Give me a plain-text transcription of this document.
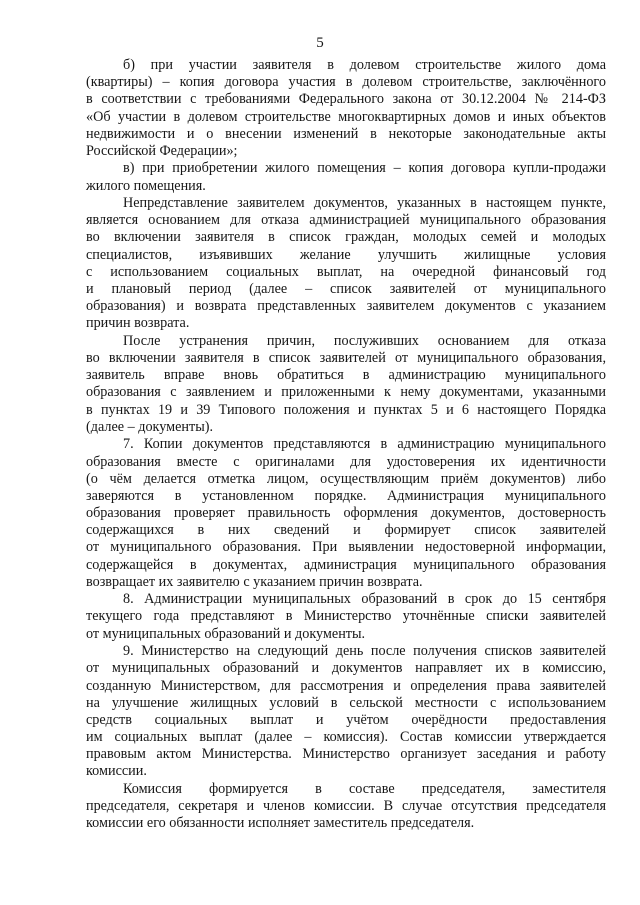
5
б) при участии заявителя в долевом строительстве жилого дома
(квартиры) – копия договора участия в долевом строительстве, заключённого
в соответствии с требованиями Федерального закона от 30.12.2004 № 214-ФЗ
«Об участии в долевом строительстве многоквартирных домов и иных объектов
недвижимости и о внесении изменений в некоторые законодательные акты
Российской Федерации»;
в) при приобретении жилого помещения – копия договора купли-продажи
жилого помещения.
Непредставление заявителем документов, указанных в настоящем пункте,
является основанием для отказа администрацией муниципального образования
во включении заявителя в список граждан, молодых семей и молодых
специалистов, изъявивших желание улучшить жилищные условия
с использованием социальных выплат, на очередной финансовый год
и плановый период (далее – список заявителей от муниципального
образования) и возврата представленных заявителем документов с указанием
причин возврата.
После устранения причин, послуживших основанием для отказа
во включении заявителя в список заявителей от муниципального образования,
заявитель вправе вновь обратиться в администрацию муниципального
образования с заявлением и приложенными к нему документами, указанными
в пунктах 19 и 39 Типового положения и пунктах 5 и 6 настоящего Порядка
(далее – документы).
7. Копии документов представляются в администрацию муниципального
образования вместе с оригиналами для удостоверения их идентичности
(о чём делается отметка лицом, осуществляющим приём документов) либо
заверяются в установленном порядке. Администрация муниципального
образования проверяет правильность оформления документов, достоверность
содержащихся в них сведений и формирует список заявителей
от муниципального образования. При выявлении недостоверной информации,
содержащейся в документах, администрация муниципального образования
возвращает их заявителю с указанием причин возврата.
8. Администрации муниципальных образований в срок до 15 сентября
текущего года представляют в Министерство уточнённые списки заявителей
от муниципальных образований и документы.
9. Министерство на следующий день после получения списков заявителей
от муниципальных образований и документов направляет их в комиссию,
созданную Министерством, для рассмотрения и определения права заявителей
на улучшение жилищных условий в сельской местности с использованием
средств социальных выплат и учётом очерёдности предоставления
им социальных выплат (далее – комиссия). Состав комиссии утверждается
правовым актом Министерства. Министерство организует заседания и работу
комиссии.
Комиссия формируется в составе председателя, заместителя
председателя, секретаря и членов комиссии. В случае отсутствия председателя
комиссии его обязанности исполняет заместитель председателя.
